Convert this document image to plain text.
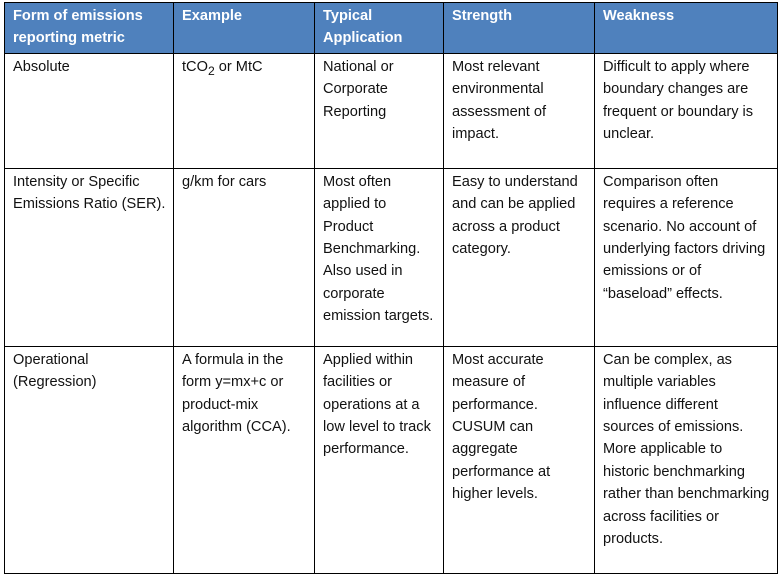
Form of emissions reporting metric	Example	Typical Application	Strength	Weakness
Absolute	tCO$_2$ or MtC	National or Corporate Reporting	Most relevant environmental assessment of impact.	Difficult to apply where boundary changes are frequent or boundary is unclear.
Intensity or Specific Emissions Ratio (SER).	g/km for cars	Most often applied to Product Benchmarking. Also used in corporate emission targets.	Easy to understand and can be applied across a product category.	Comparison often requires a reference scenario. No account of underlying factors driving emissions or of “baseload” effects.
Operational (Regression)	A formula in the form y=mx+c or product-mix algorithm (CCA).	Applied within facilities or operations at a low level to track performance.	Most accurate measure of performance. CUSUM can aggregate performance at higher levels.	Can be complex, as multiple variables influence different sources of emissions. More applicable to historic benchmarking rather than benchmarking across facilities or products.
